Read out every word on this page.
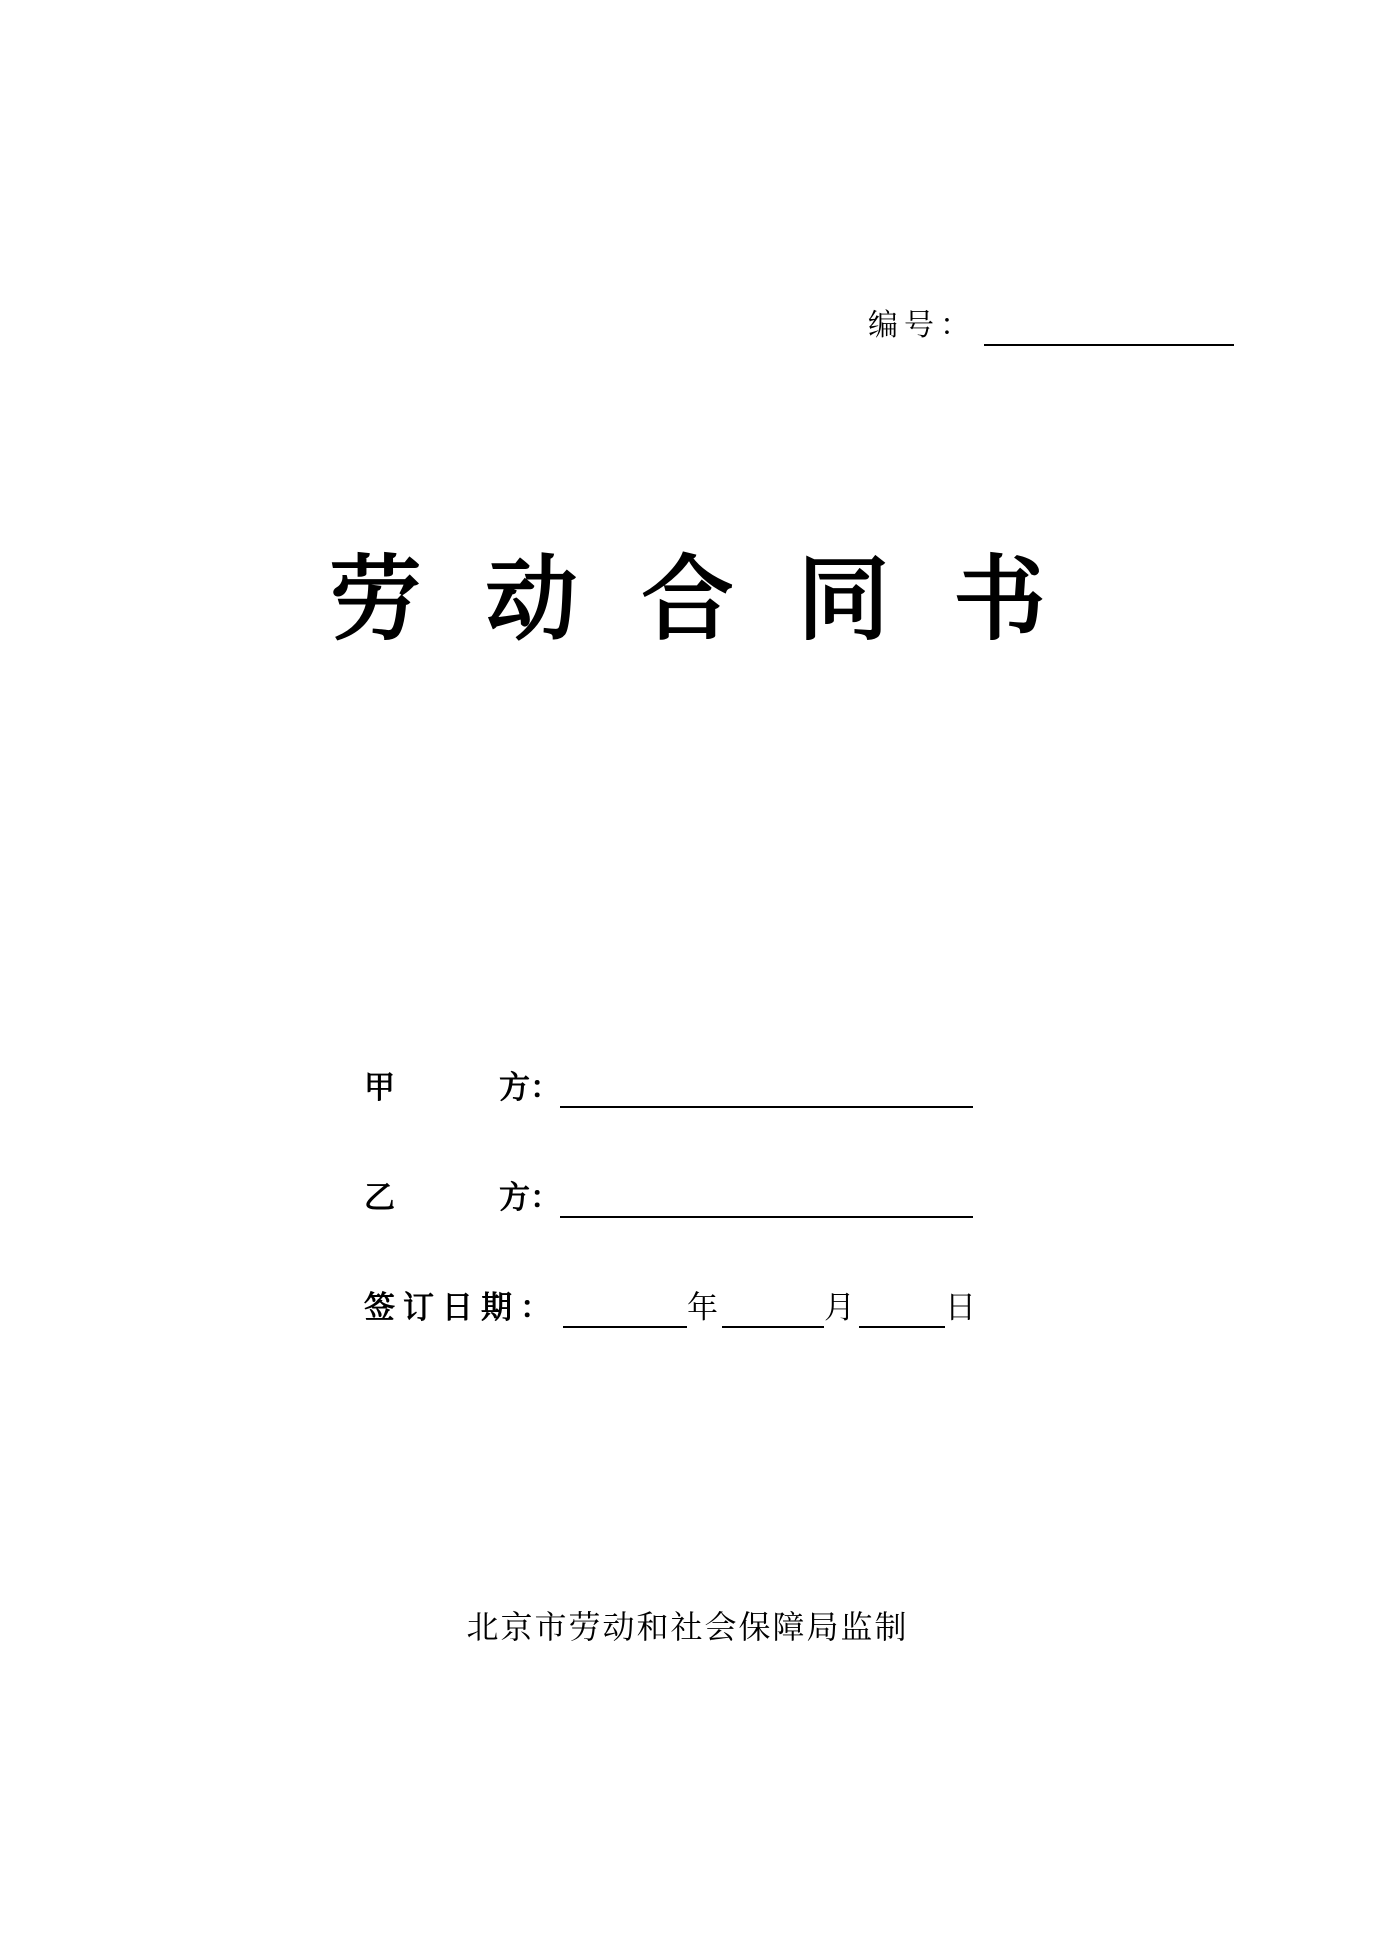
编号：
劳动合同书
甲	方 ：
乙	方 ：
签订日期：	年	月	日
北京市劳动和社会保障局监制
